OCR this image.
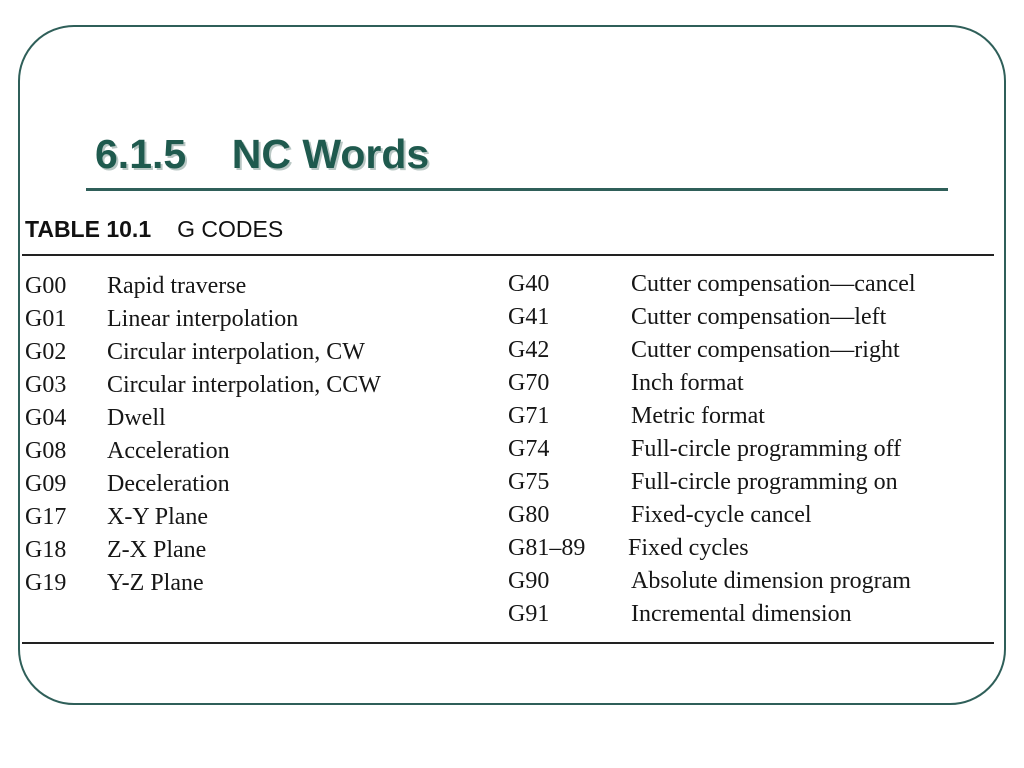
6.1.5    NC Words
TABLE 10.1 G CODES
G00 Rapid traverse
G01 Linear interpolation
G02 Circular interpolation, CW
G03 Circular interpolation, CCW
G04 Dwell
G08 Acceleration
G09 Deceleration
G17 X-Y Plane
G18 Z-X Plane
G19 Y-Z Plane
G40	Cutter compensation—cancel
G41	Cutter compensation—left
G42	Cutter compensation—right
G70	Inch format
G71	Metric format
G74	Full-circle programming off
G75	Full-circle programming on
G80	Fixed-cycle cancel
G81–89 Fixed cycles
G90	Absolute dimension program
G91	Incremental dimension
